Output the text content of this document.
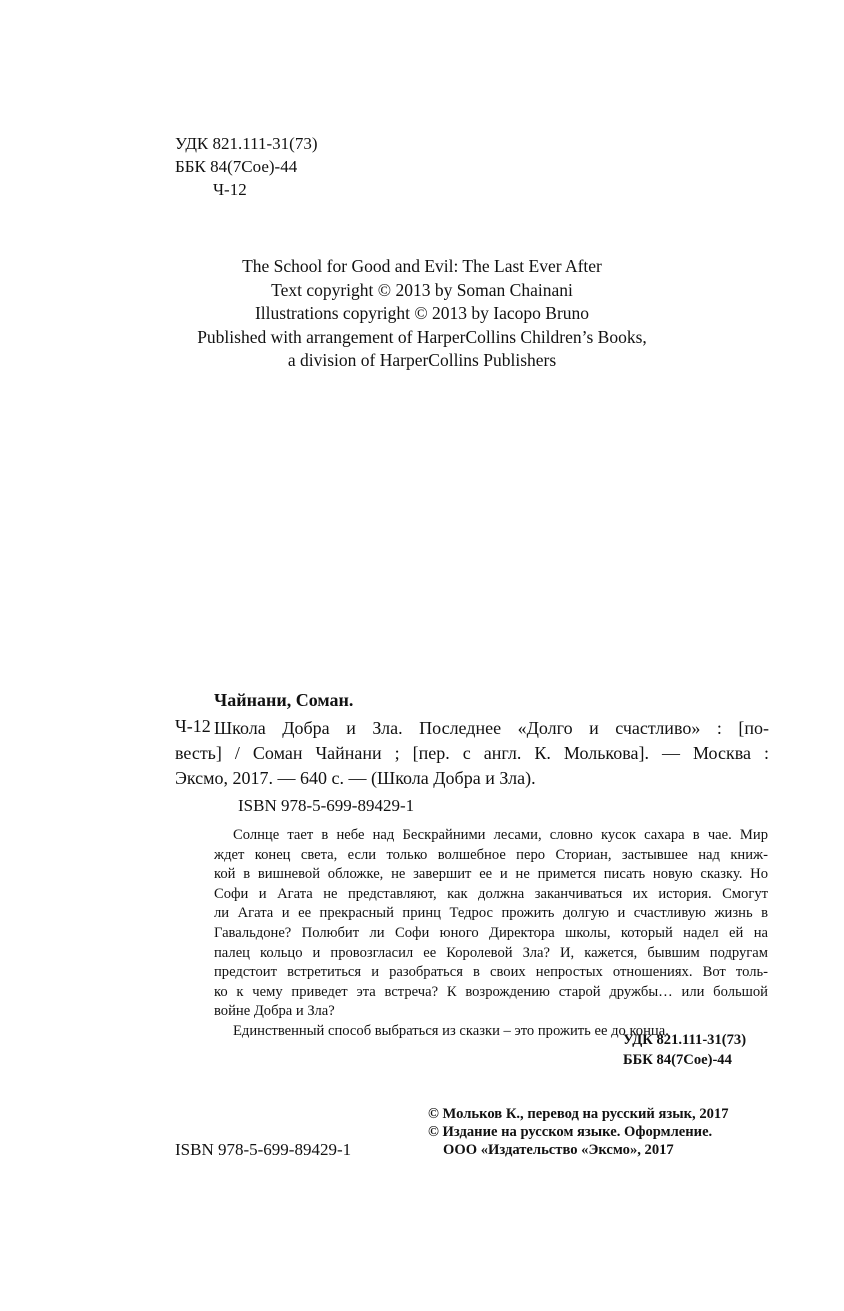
УДК 821.111-31(73)
ББК 84(7Сое)-44
Ч-12
The School for Good and Evil: The Last Ever After
Text copyright © 2013 by Soman Chainani
Illustrations copyright © 2013 by Iacopo Bruno
Published with arrangement of HarperCollins Children’s Books,
a division of HarperCollins Publishers
Чайнани, Соман.
Ч-12 Школа Добра и Зла. Последнее «Долго и счастливо» : [по-
весть] / Соман Чайнани ; [пер. с англ. К. Молькова]. — Москва :
Эксмо, 2017. — 640 с. — (Школа Добра и Зла).
ISBN 978-5-699-89429-1
Солнце тает в небе над Бескрайними лесами, словно кусок сахара в чае. Мир
ждет конец света, если только волшебное перо Сториан, застывшее над книж-
кой в вишневой обложке, не завершит ее и не примется писать новую сказку. Но
Софи и Агата не представляют, как должна заканчиваться их история. Смогут
ли Агата и ее прекрасный принц Тедрос прожить долгую и счастливую жизнь в
Гавальдоне? Полюбит ли Софи юного Директора школы, который надел ей на
палец кольцо и провозгласил ее Королевой Зла? И, кажется, бывшим подругам
предстоит встретиться и разобраться в своих непростых отношениях. Вот толь-
ко к чему приведет эта встреча? К возрождению старой дружбы… или большой
войне Добра и Зла?
Единственный способ выбраться из сказки – это прожить ее до конца.
УДК 821.111-31(73)
ББК 84(7Сое)-44
© Мольков К., перевод на русский язык, 2017
© Издание на русском языке. Оформление.
ООО «Издательство «Эксмо», 2017
ISBN 978-5-699-89429-1
